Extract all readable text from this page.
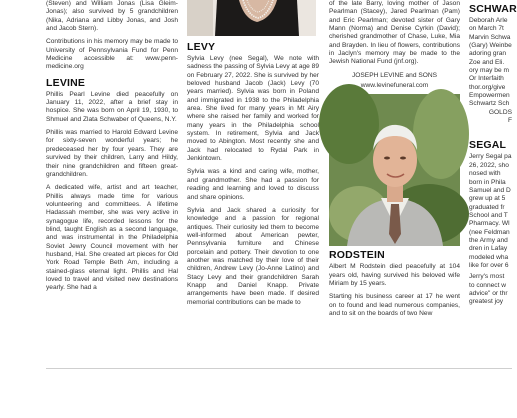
(Steven) and William Jonas (Lisa Gleim-Jonas); also survived by 5 grandchildren (Nika, Adriana and Libby Jonas, and Josh and Jacob Stern).

Contributions in his memory may be made to University of Pennsylvania Fund for Penn Medicine accessible at: www.penn-medicine.org

LEVINE

Phillis Pearl Levine died peacefully on January 11, 2022, after a brief stay in hospice. She was born on April 19, 1930, to Shmuel and Zlata Schwaber of Queens, N.Y.

Phillis was married to Harold Edward Levine for sixty-seven wonderful years; he predeceased her by four years. They are survived by their children, Larry and Hildy, their nine grandchildren and fifteen great-grandchildren.

A dedicated wife, artist and art teacher, Phillis always made time for various volunteering and committees. A lifetime Hadassah member, she was very active in synagogue life, recorded lessons for the blind, taught English as a second language, and was instrumental in the Philadelphia Soviet Jewry Council movement with her husband, Hal. She created art pieces for Old York Road Temple Beth Am, including a stained-glass eternal light. Phillis and Hal loved to travel and visited new destinations yearly. She had a

LEVY

Sylvia Levy (nee Segal), We note with sadness the passing of Sylvia Levy at age 89 on February 27, 2022. She is survived by her beloved husband Jacob (Jack) Levy (70 years married). Sylvia was born in Poland and immigrated in 1938 to the Philadelphia area. She lived for many years in Mt Airy where she raised her family and worked for many years in the Philadelphia school system. In retirement, Sylvia and Jack moved to Abington. Most recently she and Jack had relocated to Rydal Park in Jenkintown.

Sylvia was a kind and caring wife, mother, and grandmother. She had a passion for reading and learning and loved to discuss and share opinions.

Sylvia and Jack shared a curiosity for knowledge and a passion for regional antiques. Their curiosity led them to become well-informed about American pewter, Pennsylvania furniture and Chinese porcelain and pottery. Their devotion to one another was matched by their love of their children, Andrew Levy (Jo-Anne Latino) and Stacy Levy and their grandchildren Sarah Knapp and Daniel Knapp. Private arrangements have been made. If desired memorial contributions can be made to

of the late Barry, loving mother of Jason Pearlman (Stacey), Jared Pearlman (Pam) and Eric Pearlman; devoted sister of Gary Mann (Norma) and Denise Cyrkin (David); cherished grandmother of Chase, Luke, Mia and Brayden. In lieu of flowers, contributions in Jaclyn's memory may be made to the Jewish National Fund (jnf.org).

JOSEPH LEVINE and SONS
www.levinefuneral.com
RODSTEIN

Albert M Rodstein died peacefully at 104 years old, having survived his beloved wife Miriam by 15 years.

Starting his business career at 17 he went on to found and lead numerous companies, and to sit on the boards of two New

SCHWAR

Deborah Arle

on March 7t

Marvin Schwa

(Gary) Weinbe

adoring gran

Zoe and Eli.

ory may be m

Or Interfaith

thor.org/give

Empowermen

Schwartz Sch

GOLDS

F

SEGAL

Jerry Segal pa

26, 2022, sho

nosed with

born in Phila

Samuel and D

grew up at 5

graduated fr

School and T

Pharmacy. Wl

(nee Feldman

the Army and

dren in Lafay

modeled wha

like for over 6

Jerry's most

to connect w

advice" or thr

greatest joy
